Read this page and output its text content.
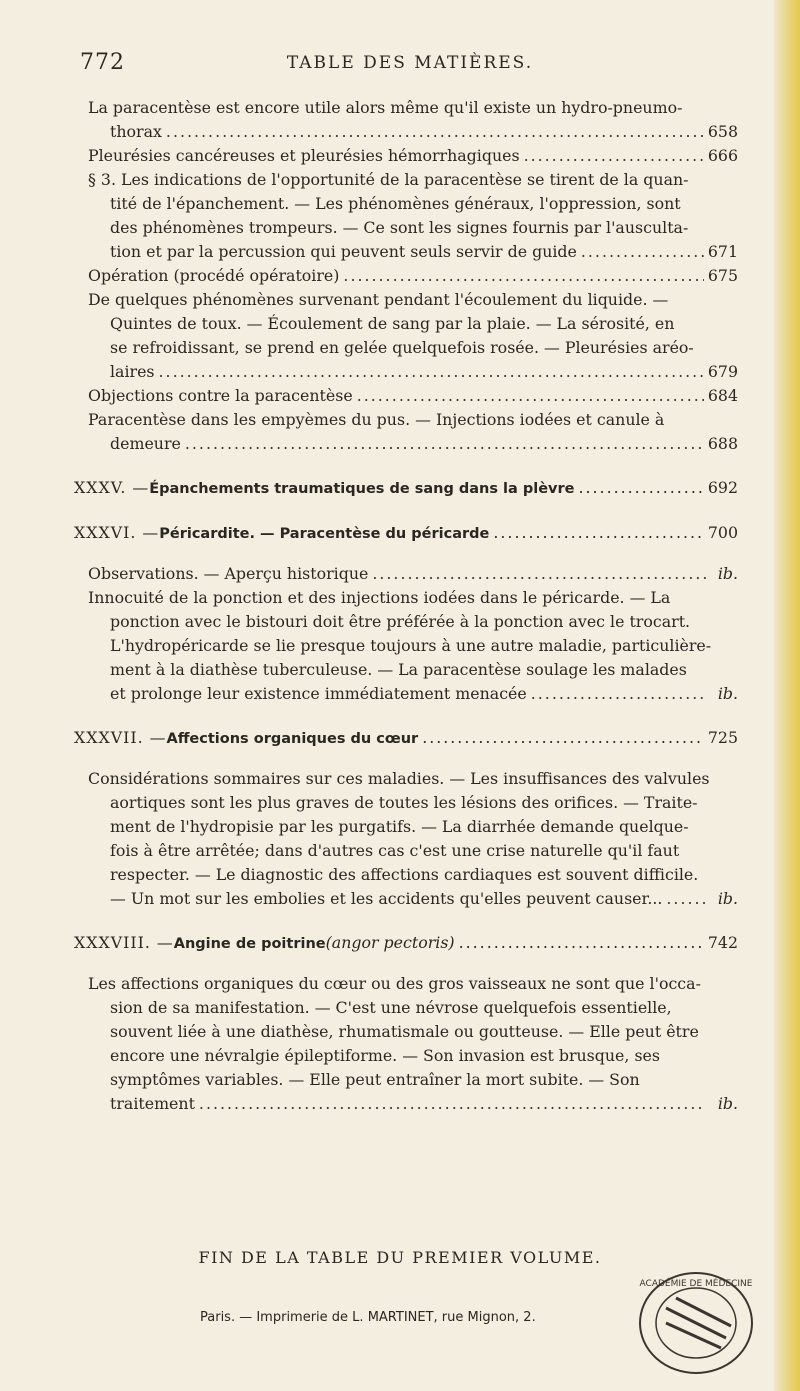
772	TABLE DES MATIÈRES.
La paracentèse est encore utile alors même qu'il existe un hydro-pneumo-
thorax .....	658
Pleurésies cancéreuses et pleurésies hémorrhagiques .....	666
§ 3. Les indications de l'opportunité de la paracentèse se tirent de la quan-
tité de l'épanchement. — Les phénomènes généraux, l'oppression, sont
des phénomènes trompeurs. — Ce sont les signes fournis par l'ausculta-
tion et par la percussion qui peuvent seuls servir de guide .....	671
Opération (procédé opératoire) .....	675
De quelques phénomènes survenant pendant l'écoulement du liquide. —
Quintes de toux. — Écoulement de sang par la plaie. — La sérosité, en
se refroidissant, se prend en gelée quelquefois rosée. — Pleurésies aréo-
laires .....	679
Objections contre la paracentèse .....	684
Paracentèse dans les empyèmes du pus. — Injections iodées et canule à
demeure .....	688
XXXV. — Épanchements traumatiques de sang dans la plèvre .....	692
XXXVI. — Péricardite. — Paracentèse du péricarde .....	700
Observations. — Aperçu historique .....	ib.
Innocuité de la ponction et des injections iodées dans le péricarde. — La
ponction avec le bistouri doit être préférée à la ponction avec le trocart.
L'hydropéricarde se lie presque toujours à une autre maladie, particulière-
ment à la diathèse tuberculeuse. — La paracentèse soulage les malades
et prolonge leur existence immédiatement menacée .....	ib.
XXXVII. — Affections organiques du cœur .....	725
Considérations sommaires sur ces maladies. — Les insuffisances des valvules
aortiques sont les plus graves de toutes les lésions des orifices. — Traite-
ment de l'hydropisie par les purgatifs. — La diarrhée demande quelque-
fois à être arrêtée; dans d'autres cas c'est une crise naturelle qu'il faut
respecter. — Le diagnostic des affections cardiaques est souvent difficile.
— Un mot sur les embolies et les accidents qu'elles peuvent causer... .....	ib.
XXXVIII. — Angine de poitrine (angor pectoris) .....	742
Les affections organiques du cœur ou des gros vaisseaux ne sont que l'occa-
sion de sa manifestation. — C'est une névrose quelquefois essentielle,
souvent liée à une diathèse, rhumatismale ou goutteuse. — Elle peut être
encore une névralgie épileptiforme. — Son invasion est brusque, ses
symptômes variables. — Elle peut entraîner la mort subite. — Son
traitement .....	ib.
FIN DE LA TABLE DU PREMIER VOLUME.
Paris. — Imprimerie de L. MARTINET, rue Mignon, 2.
ACADÉMIE DE MÉDECINE
